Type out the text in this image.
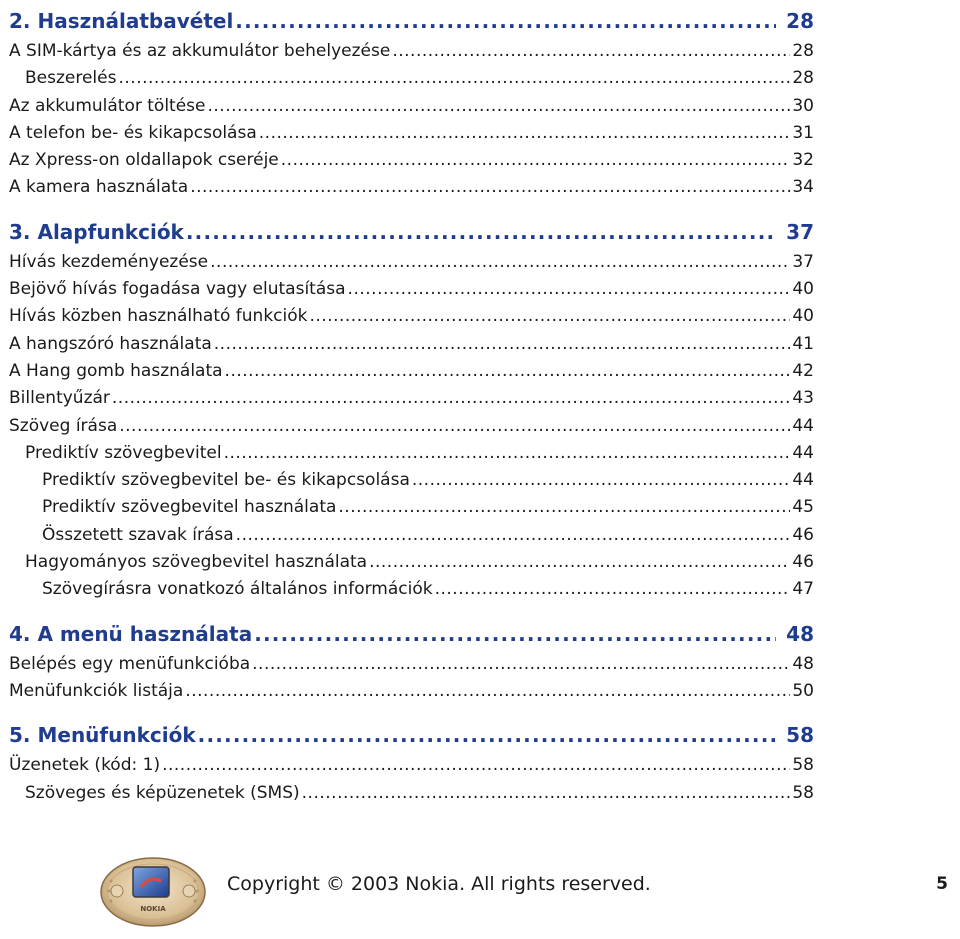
2. Használatbavétel .....	28
A SIM-kártya és az akkumulátor behelyezése .....	28
Beszerelés .....	28
Az akkumulátor töltése .....	30
A telefon be- és kikapcsolása .....	31
Az Xpress-on oldallapok cseréje .....	32
A kamera használata .....	34
3. Alapfunkciók .....	37
Hívás kezdeményezése .....	37
Bejövő hívás fogadása vagy elutasítása .....	40
Hívás közben használható funkciók .....	40
A hangszóró használata .....	41
A Hang gomb használata .....	42
Billentyűzár .....	43
Szöveg írása .....	44
Prediktív szövegbevitel .....	44
Prediktív szövegbevitel be- és kikapcsolása .....	44
Prediktív szövegbevitel használata .....	45
Összetett szavak írása .....	46
Hagyományos szövegbevitel használata .....	46
Szövegírásra vonatkozó általános információk .....	47
4. A menü használata .....	48
Belépés egy menüfunkcióba .....	48
Menüfunkciók listája .....	50
5. Menüfunkciók .....	58
Üzenetek (kód: 1) .....	58
Szöveges és képüzenetek (SMS) .....	58
NOKIA
Copyright © 2003 Nokia. All rights reserved.	5
